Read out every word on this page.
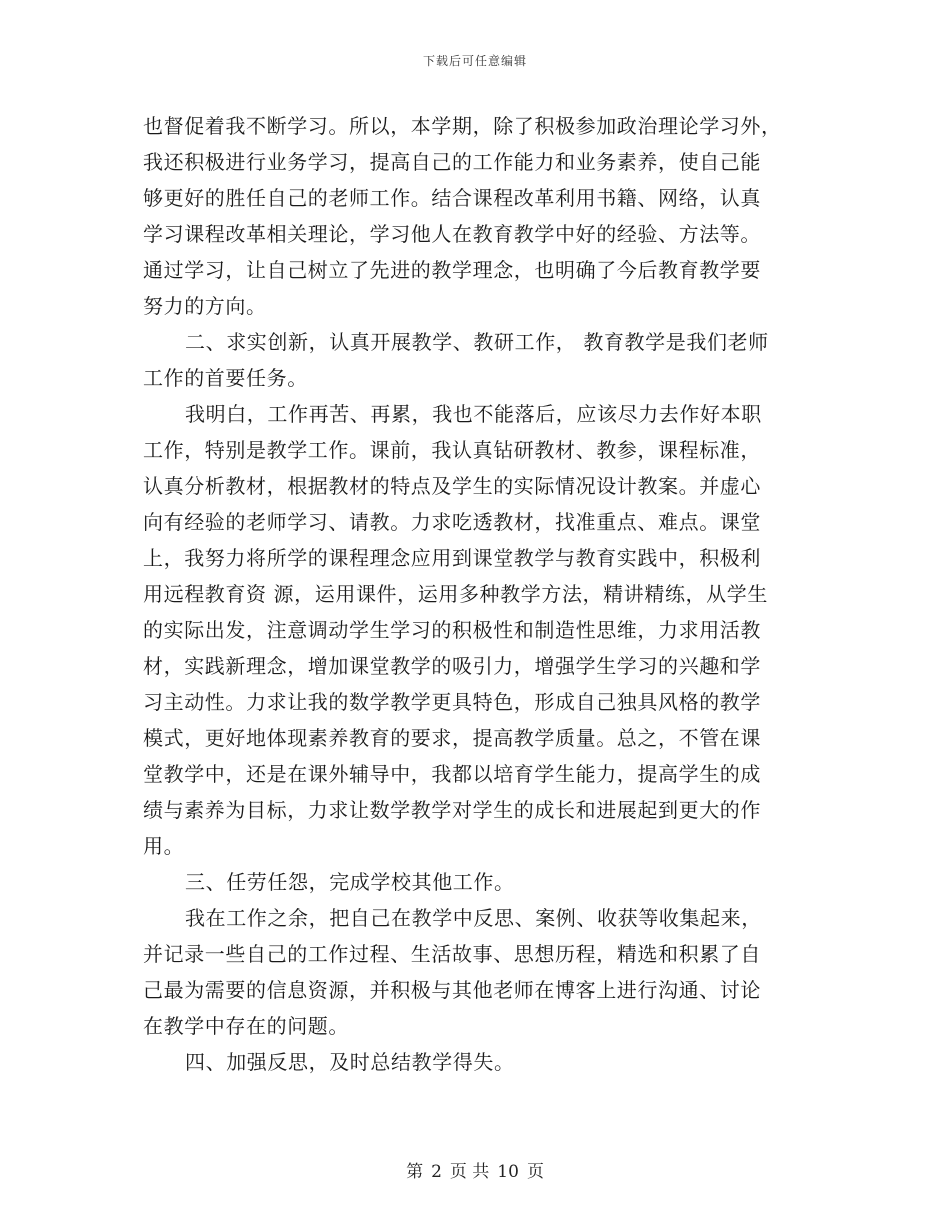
下载后可任意编辑
也督促着我不断学习。所以，本学期，除了积极参加政治理论学习外，
我还积极进行业务学习，提高自己的工作能力和业务素养，使自己能
够更好的胜任自己的老师工作。结合课程改革利用书籍、网络，认真
学习课程改革相关理论，学习他人在教育教学中好的经验、方法等。
通过学习，让自己树立了先进的教学理念，也明确了今后教育教学要
努力的方向。
二、求实创新，认真开展教学、教研工作， 教育教学是我们老师
工作的首要任务。
我明白，工作再苦、再累，我也不能落后，应该尽力去作好本职
工作，特别是教学工作。课前，我认真钻研教材、教参，课程标准，
认真分析教材，根据教材的特点及学生的实际情况设计教案。并虚心
向有经验的老师学习、请教。力求吃透教材，找准重点、难点。课堂
上，我努力将所学的课程理念应用到课堂教学与教育实践中，积极利
用远程教育资 源，运用课件，运用多种教学方法，精讲精练，从学生
的实际出发，注意调动学生学习的积极性和制造性思维，力求用活教
材，实践新理念，增加课堂教学的吸引力，增强学生学习的兴趣和学
习主动性。力求让我的数学教学更具特色，形成自己独具风格的教学
模式，更好地体现素养教育的要求，提高教学质量。总之，不管在课
堂教学中，还是在课外辅导中，我都以培育学生能力，提高学生的成
绩与素养为目标，力求让数学教学对学生的成长和进展起到更大的作
用。
三、任劳任怨，完成学校其他工作。
我在工作之余，把自己在教学中反思、案例、收获等收集起来，
并记录一些自己的工作过程、生活故事、思想历程，精选和积累了自
己最为需要的信息资源，并积极与其他老师在博客上进行沟通、讨论
在教学中存在的问题。
四、加强反思，及时总结教学得失。
第 2 页 共 10 页
